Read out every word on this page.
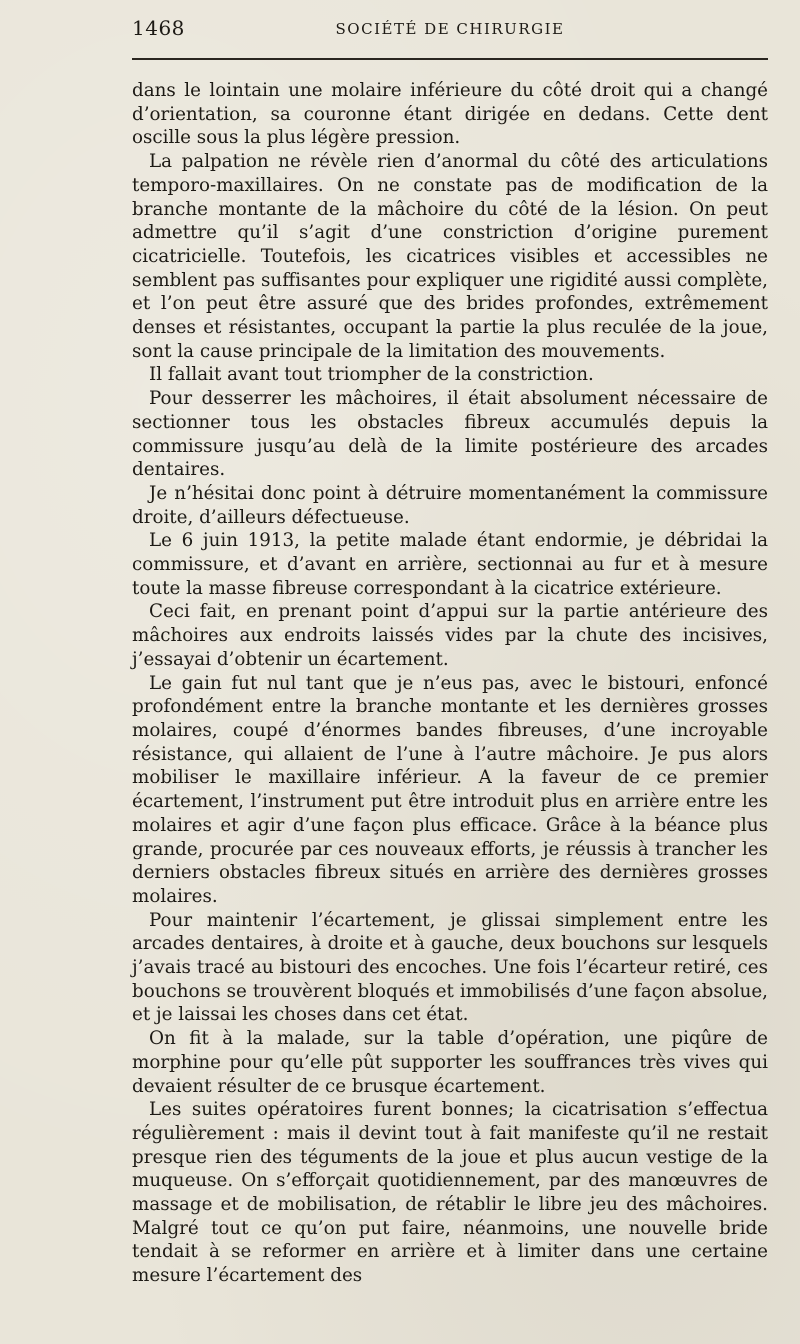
1468	SOCIÉTÉ DE CHIRURGIE

dans le lointain une molaire inférieure du côté droit qui a changé d’orientation, sa couronne étant dirigée en dedans. Cette dent oscille sous la plus légère pression.

La palpation ne révèle rien d’anormal du côté des articulations temporo-maxillaires. On ne constate pas de modification de la branche montante de la mâchoire du côté de la lésion. On peut admettre qu’il s’agit d’une constriction d’origine purement cicatricielle. Toutefois, les cicatrices visibles et accessibles ne semblent pas suffisantes pour expliquer une rigidité aussi complète, et l’on peut être assuré que des brides profondes, extrêmement denses et résistantes, occupant la partie la plus reculée de la joue, sont la cause principale de la limitation des mouvements.

Il fallait avant tout triompher de la constriction.

Pour desserrer les mâchoires, il était absolument nécessaire de sectionner tous les obstacles fibreux accumulés depuis la commissure jusqu’au delà de la limite postérieure des arcades dentaires.

Je n’hésitai donc point à détruire momentanément la commissure droite, d’ailleurs défectueuse.

Le 6 juin 1913, la petite malade étant endormie, je débridai la commissure, et d’avant en arrière, sectionnai au fur et à mesure toute la masse fibreuse correspondant à la cicatrice extérieure.

Ceci fait, en prenant point d’appui sur la partie antérieure des mâchoires aux endroits laissés vides par la chute des incisives, j’essayai d’obtenir un écartement.

Le gain fut nul tant que je n’eus pas, avec le bistouri, enfoncé profondément entre la branche montante et les dernières grosses molaires, coupé d’énormes bandes fibreuses, d’une incroyable résistance, qui allaient de l’une à l’autre mâchoire. Je pus alors mobiliser le maxillaire inférieur. A la faveur de ce premier écartement, l’instrument put être introduit plus en arrière entre les molaires et agir d’une façon plus efficace. Grâce à la béance plus grande, procurée par ces nouveaux efforts, je réussis à trancher les derniers obstacles fibreux situés en arrière des dernières grosses molaires.

Pour maintenir l’écartement, je glissai simplement entre les arcades dentaires, à droite et à gauche, deux bouchons sur lesquels j’avais tracé au bistouri des encoches. Une fois l’écarteur retiré, ces bouchons se trouvèrent bloqués et immobilisés d’une façon absolue, et je laissai les choses dans cet état.

On fit à la malade, sur la table d’opération, une piqûre de morphine pour qu’elle pût supporter les souffrances très vives qui devaient résulter de ce brusque écartement.

Les suites opératoires furent bonnes; la cicatrisation s’effectua régulièrement : mais il devint tout à fait manifeste qu’il ne restait presque rien des téguments de la joue et plus aucun vestige de la muqueuse. On s’efforçait quotidiennement, par des manœuvres de massage et de mobilisation, de rétablir le libre jeu des mâchoires. Malgré tout ce qu’on put faire, néanmoins, une nouvelle bride tendait à se reformer en arrière et à limiter dans une certaine mesure l’écartement des
